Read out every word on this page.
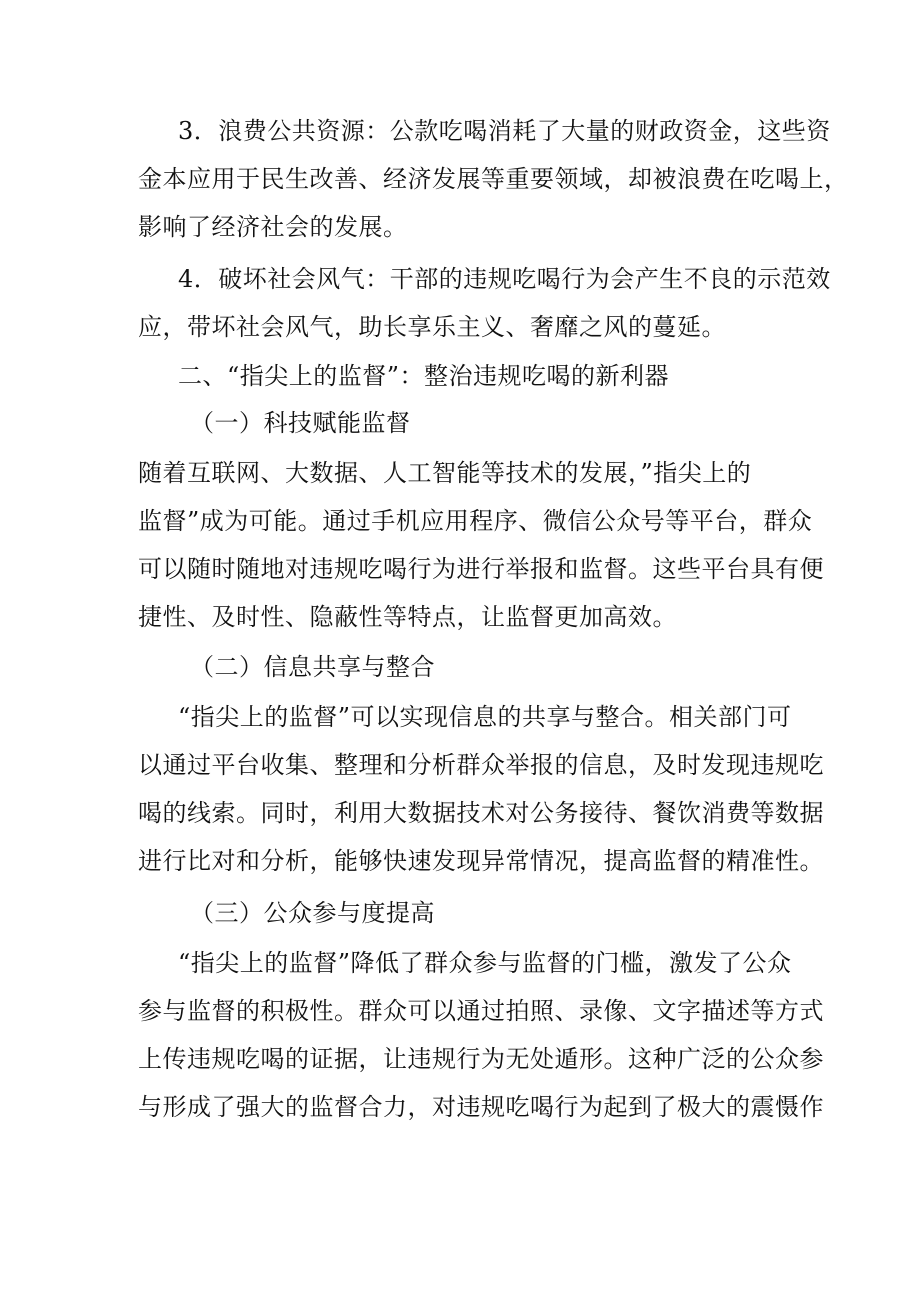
3．浪费公共资源：公款吃喝消耗了大量的财政资金，这些资
金本应用于民生改善、经济发展等重要领域，却被浪费在吃喝上，
影响了经济社会的发展。
4．破坏社会风气：干部的违规吃喝行为会产生不良的示范效
应，带坏社会风气，助长享乐主义、奢靡之风的蔓延。
二、“指尖上的监督”：整治违规吃喝的新利器
（一）科技赋能监督
随着互联网、大数据、人工智能等技术的发展，”指尖上的
监督”成为可能。通过手机应用程序、微信公众号等平台，群众
可以随时随地对违规吃喝行为进行举报和监督。这些平台具有便
捷性、及时性、隐蔽性等特点，让监督更加高效。
（二）信息共享与整合
“指尖上的监督”可以实现信息的共享与整合。相关部门可
以通过平台收集、整理和分析群众举报的信息，及时发现违规吃
喝的线索。同时，利用大数据技术对公务接待、餐饮消费等数据
进行比对和分析，能够快速发现异常情况，提高监督的精准性。
（三）公众参与度提高
“指尖上的监督”降低了群众参与监督的门槛，激发了公众
参与监督的积极性。群众可以通过拍照、录像、文字描述等方式
上传违规吃喝的证据，让违规行为无处遁形。这种广泛的公众参
与形成了强大的监督合力，对违规吃喝行为起到了极大的震慑作
